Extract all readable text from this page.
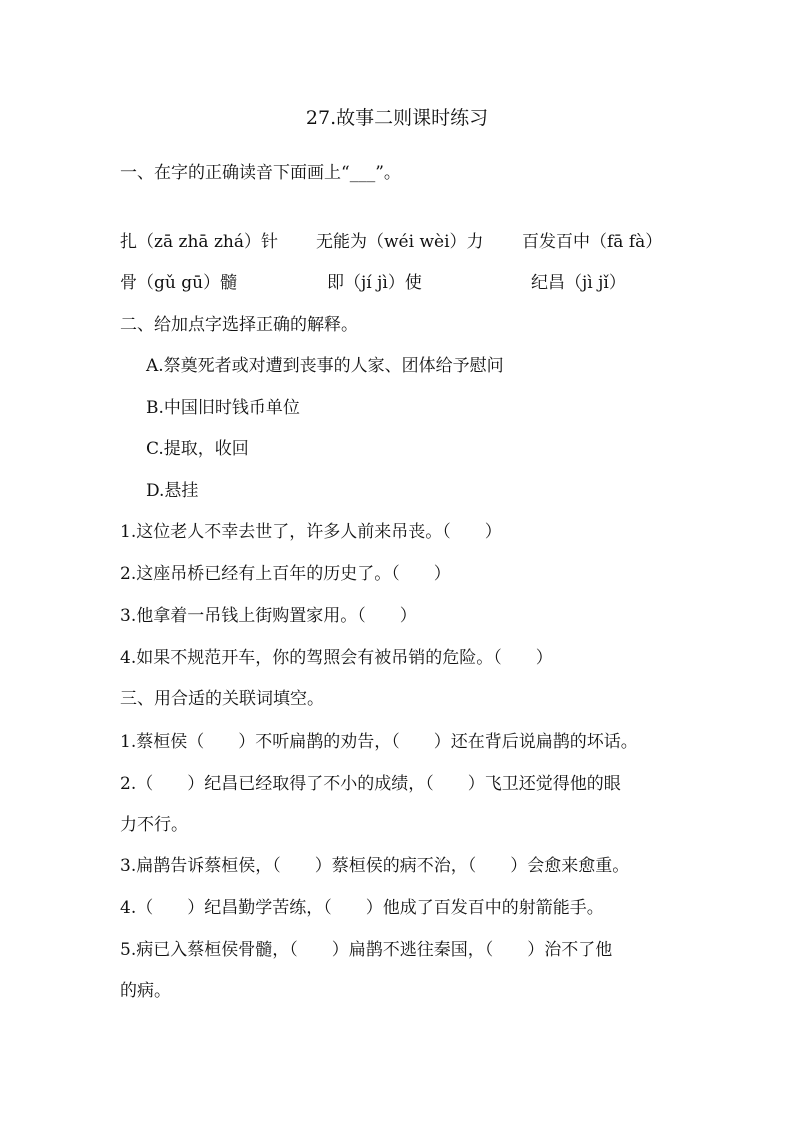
27.故事二则课时练习
一、在字的正确读音下面画上“___”。
扎（zā zhā zhá）针 无能为（wéi wèi）力 百发百中（fā fà）
骨（gǔ gū）髓	即（jí jì）使	纪昌（jì jǐ）
二、给加点字选择正确的解释。
A.祭奠死者或对遭到丧事的人家、团体给予慰问
B.中国旧时钱币单位
C.提取，收回
D.悬挂
1.这位老人不幸去世了，许多人前来吊丧。（　　）
2.这座吊桥已经有上百年的历史了。（　　）
3.他拿着一吊钱上街购置家用。（　　）
4.如果不规范开车，你的驾照会有被吊销的危险。（　　）
三、用合适的关联词填空。
1.蔡桓侯（　　）不听扁鹊的劝告，（　　）还在背后说扁鹊的坏话。
2.（　　）纪昌已经取得了不小的成绩，（　　）飞卫还觉得他的眼
力不行。
3.扁鹊告诉蔡桓侯，（　　）蔡桓侯的病不治，（　　）会愈来愈重。
4.（　　）纪昌勤学苦练，（　　）他成了百发百中的射箭能手。
5.病已入蔡桓侯骨髓，（　　）扁鹊不逃往秦国，（　　）治不了他
的病。
